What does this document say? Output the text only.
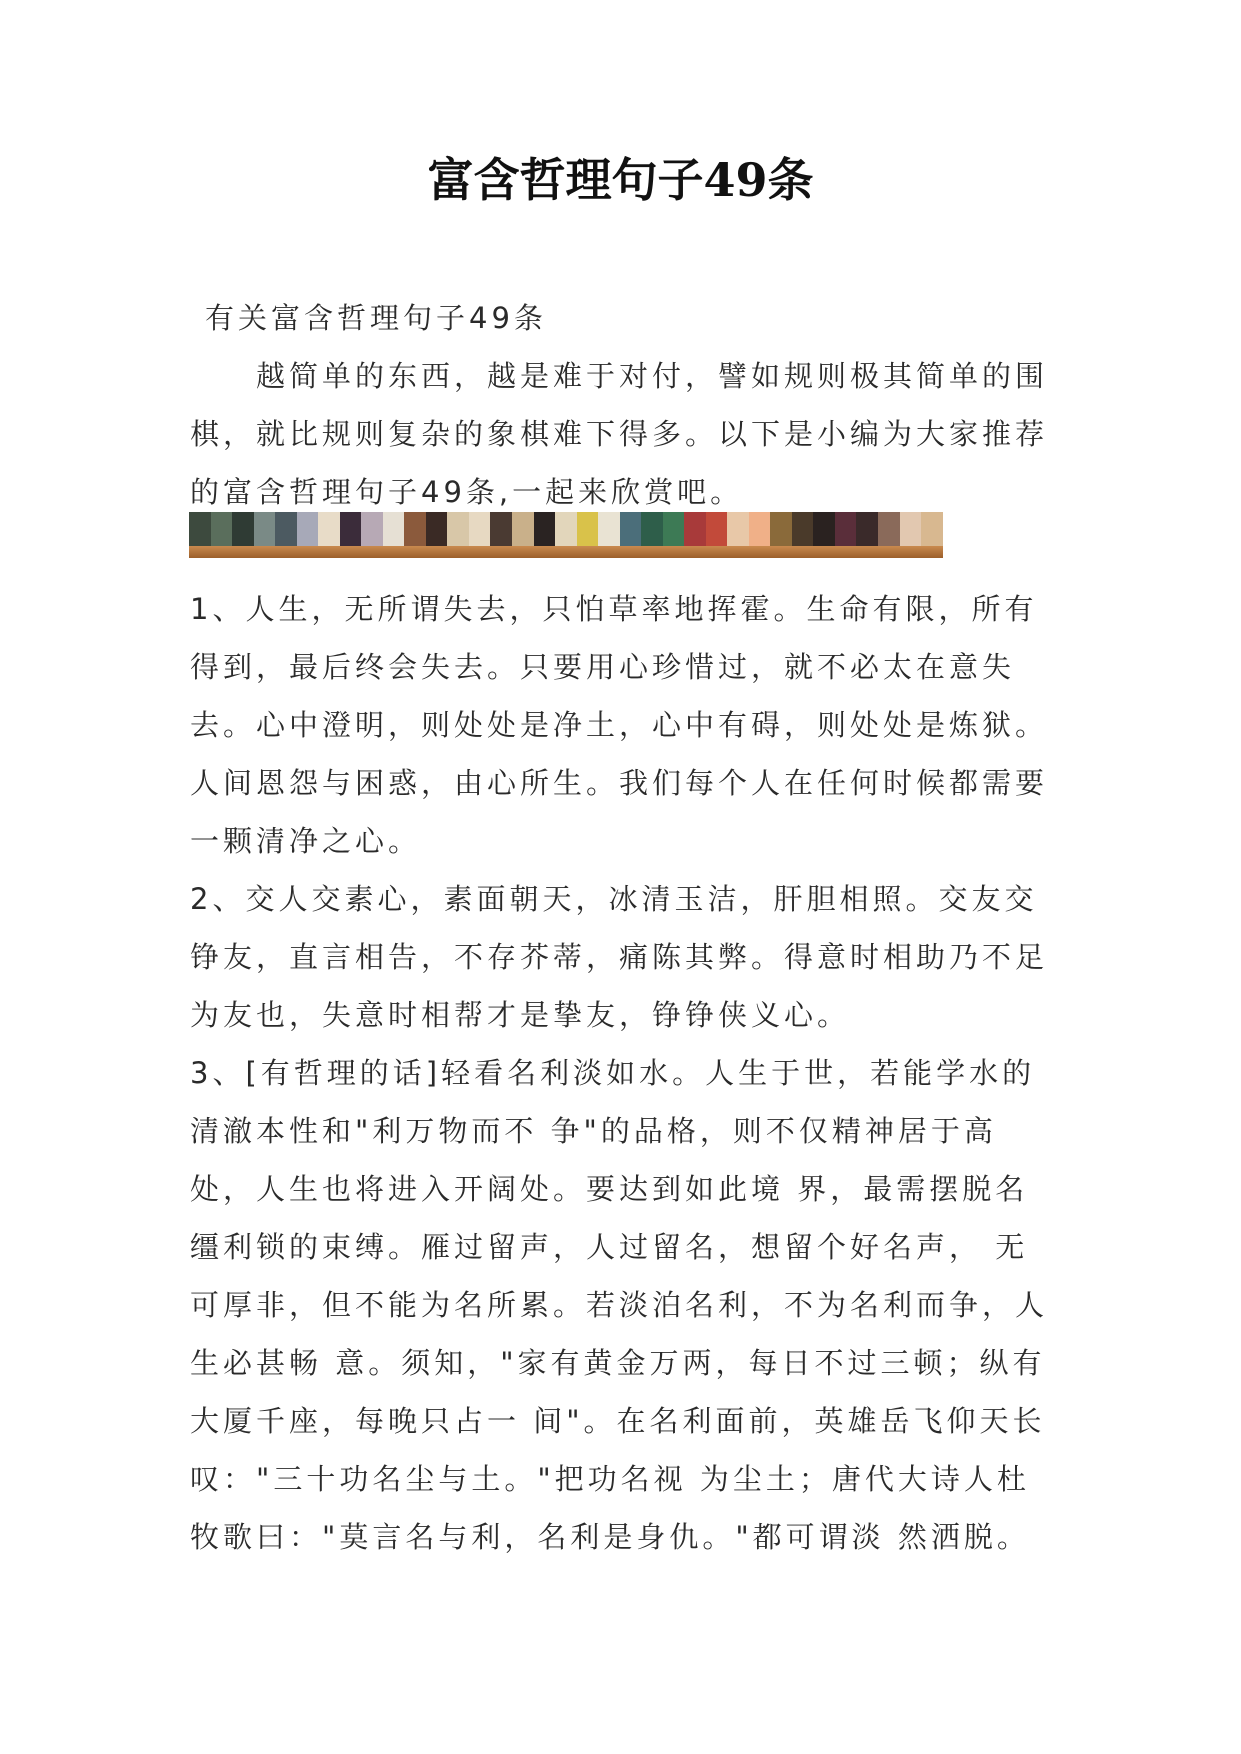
富含哲理句子49条
有关富含哲理句子49条

越简单的东西，越是难于对付，譬如规则极其简单的围棋，就比规则复杂的象棋难下得多。以下是小编为大家推荐的富含哲理句子49条,一起来欣赏吧。

1、人生，无所谓失去，只怕草率地挥霍。生命有限，所有得到，最后终会失去。只要用心珍惜过，就不必太在意失去。心中澄明，则处处是净土，心中有碍，则处处是炼狱。人间恩怨与困惑，由心所生。我们每个人在任何时候都需要一颗清净之心。

2、交人交素心，素面朝天，冰清玉洁，肝胆相照。交友交铮友，直言相告，不存芥蒂，痛陈其弊。得意时相助乃不足为友也，失意时相帮才是挚友，铮铮侠义心。

3、[有哲理的话]轻看名利淡如水。人生于世，若能学水的清澈本性和"利万物而不 争"的品格，则不仅精神居于高处，人生也将进入开阔处。要达到如此境 界，最需摆脱名缰利锁的束缚。雁过留声，人过留名，想留个好名声， 无可厚非，但不能为名所累。若淡泊名利，不为名利而争，人生必甚畅 意。须知，"家有黄金万两，每日不过三顿；纵有大厦千座，每晚只占一 间"。在名利面前，英雄岳飞仰天长叹："三十功名尘与土。"把功名视 为尘土；唐代大诗人杜牧歌曰："莫言名与利，名利是身仇。"都可谓淡 然洒脱。
